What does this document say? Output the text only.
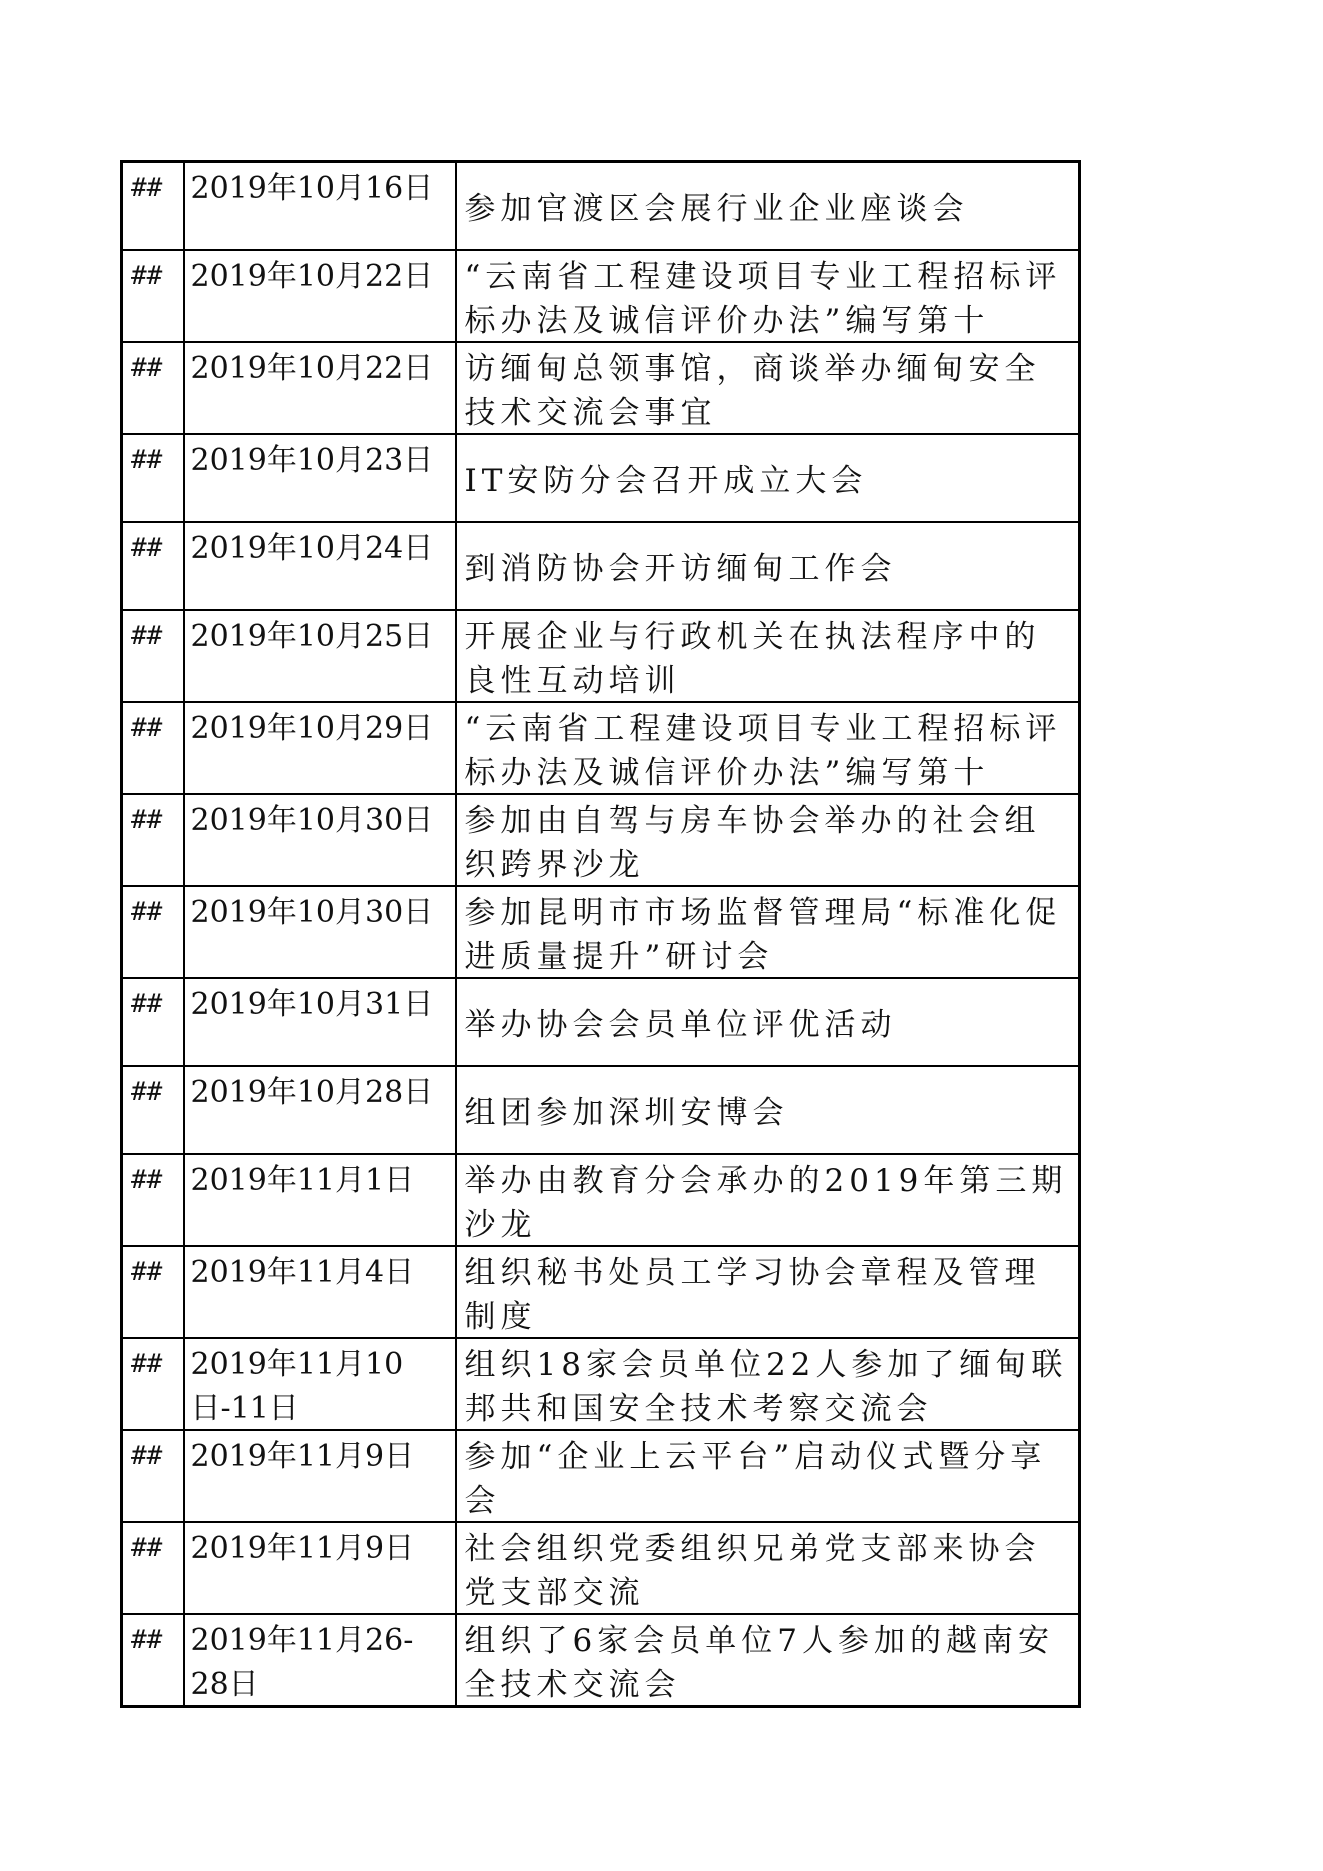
##	2019年10月16日	参加官渡区会展行业企业座谈会

##	2019年10月22日	“云南省工程建设项目专业工程招标评标办法及诚信评价办法”编写第十

##	2019年10月22日	访缅甸总领事馆，商谈举办缅甸安全技术交流会事宜

##	2019年10月23日	IT安防分会召开成立大会

##	2019年10月24日	到消防协会开访缅甸工作会

##	2019年10月25日	开展企业与行政机关在执法程序中的良性互动培训

##	2019年10月29日	“云南省工程建设项目专业工程招标评标办法及诚信评价办法”编写第十

##	2019年10月30日	参加由自驾与房车协会举办的社会组织跨界沙龙

##	2019年10月30日	参加昆明市市场监督管理局“标准化促进质量提升”研讨会

##	2019年10月31日	举办协会会员单位评优活动

##	2019年10月28日	组团参加深圳安博会

##	2019年11月1日	举办由教育分会承办的2019年第三期沙龙

##	2019年11月4日	组织秘书处员工学习协会章程及管理制度

##	2019年11月10日-11日	组织18家会员单位22人参加了缅甸联邦共和国安全技术考察交流会

##	2019年11月9日	参加“企业上云平台”启动仪式暨分享会

##	2019年11月9日	社会组织党委组织兄弟党支部来协会党支部交流

##	2019年11月26-28日	组织了6家会员单位7人参加的越南安全技术交流会
